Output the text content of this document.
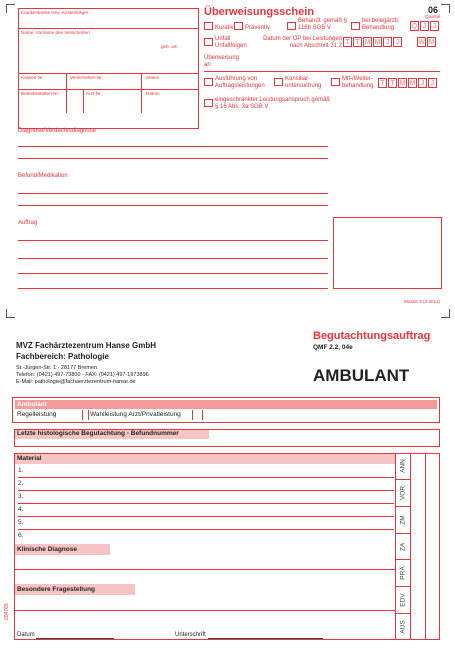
Krankenkasse bzw. Kostenträger
Name, Vorname des Versicherten
geb. am
Kassen-Nr.	Versicherten-Nr.	Status
Betriebsstätten-Nr.	Arzt-Nr.	Datum
Überweisungsschein	06
Quartal
Kurativ Präventiv
Behandl. gemäß § 116b SGB V
bei belegärztl. Behandlung	Q J J
Unfall Unfallfolgen
Datum der OP bei Leistungen nach Abschnitt 31.2 T T M M J J	W M
Überweisung an
Ausführung von Auftragsleistungen
Konsiliar-untersuchung
Mit-/Weiter-behandlung T T M M J J
eingeschränkter Leistungsanspruch gemäß § 16 Abs. 3a SGB V
Diagnose/Verdachtsdiagnose
Befund/Medikation
Auftrag
Muster 6 (3.2011)
Begutachtungsauftrag
QMF 2.2, 04e
MVZ Fachärztezentrum Hanse GmbH
Fachbereich: Pathologie
St.-Jürgen-Str. 1 - 28177 Bremen
Telefon: (0421) 497-73800 - FAX: (0421) 497-1973896
E-Mail: pathologie@fachaerztezentrum-hanse.de	AMBULANT
Ambulant
Regelleistung	Wahlleistung Arzt/Privatleistung
Letzte histologische Begutachtung - Befundnummer
Material
1.
2.
3.
4.
5.
6.
Klinische Diagnose
Besondere Fragestellung
ANN
VOR
ZM
ZA
PRÄ
EDV
AUS
204765
Datum	Unterschrift
